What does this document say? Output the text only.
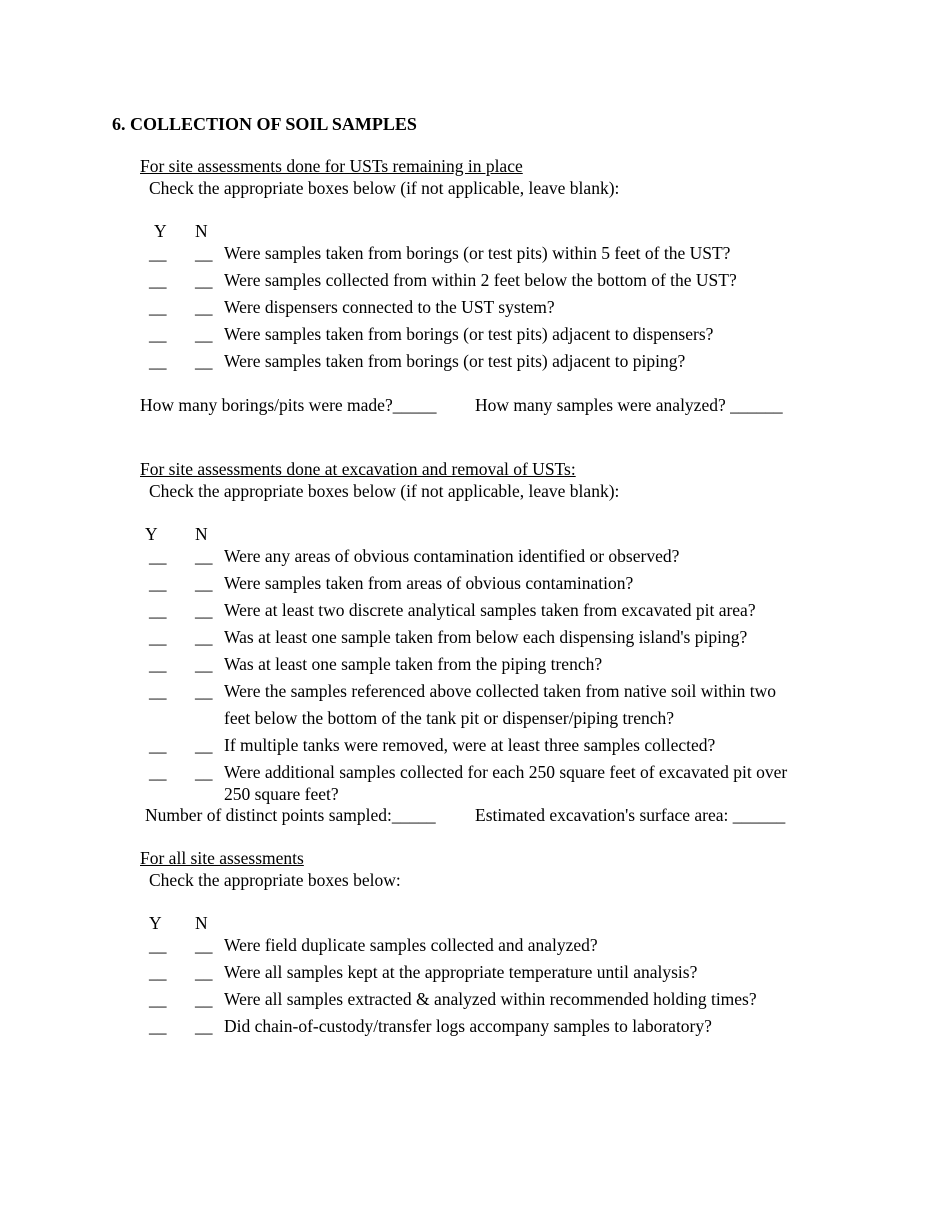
6. COLLECTION OF SOIL SAMPLES
For site assessments done for USTs remaining in place
Check the appropriate boxes below (if not applicable, leave blank):
Y N
__ __ Were samples taken from borings (or test pits) within 5 feet of the UST?
__ __ Were samples collected from within 2 feet below the bottom of the UST?
__ __ Were dispensers connected to the UST system?
__ __ Were samples taken from borings (or test pits) adjacent to dispensers?
__ __ Were samples taken from borings (or test pits) adjacent to piping?
How many borings/pits were made?_____ How many samples were analyzed? ______
For site assessments done at excavation and removal of USTs:
Check the appropriate boxes below (if not applicable, leave blank):
Y N
__ __ Were any areas of obvious contamination identified or observed?
__ __ Were samples taken from areas of obvious contamination?
__ __ Were at least two discrete analytical samples taken from excavated pit area?
__ __ Was at least one sample taken from below each dispensing island's piping?
__ __ Was at least one sample taken from the piping trench?
__ __ Were the samples referenced above collected taken from native soil within two
feet below the bottom of the tank pit or dispenser/piping trench?
__ __ If multiple tanks were removed, were at least three samples collected?
__ __ Were additional samples collected for each 250 square feet of excavated pit over
250 square feet?
Number of distinct points sampled:_____ Estimated excavation's surface area: ______
For all site assessments
Check the appropriate boxes below:
Y N
__ __ Were field duplicate samples collected and analyzed?
__ __ Were all samples kept at the appropriate temperature until analysis?
__ __ Were all samples extracted & analyzed within recommended holding times?
__ __ Did chain-of-custody/transfer logs accompany samples to laboratory?
